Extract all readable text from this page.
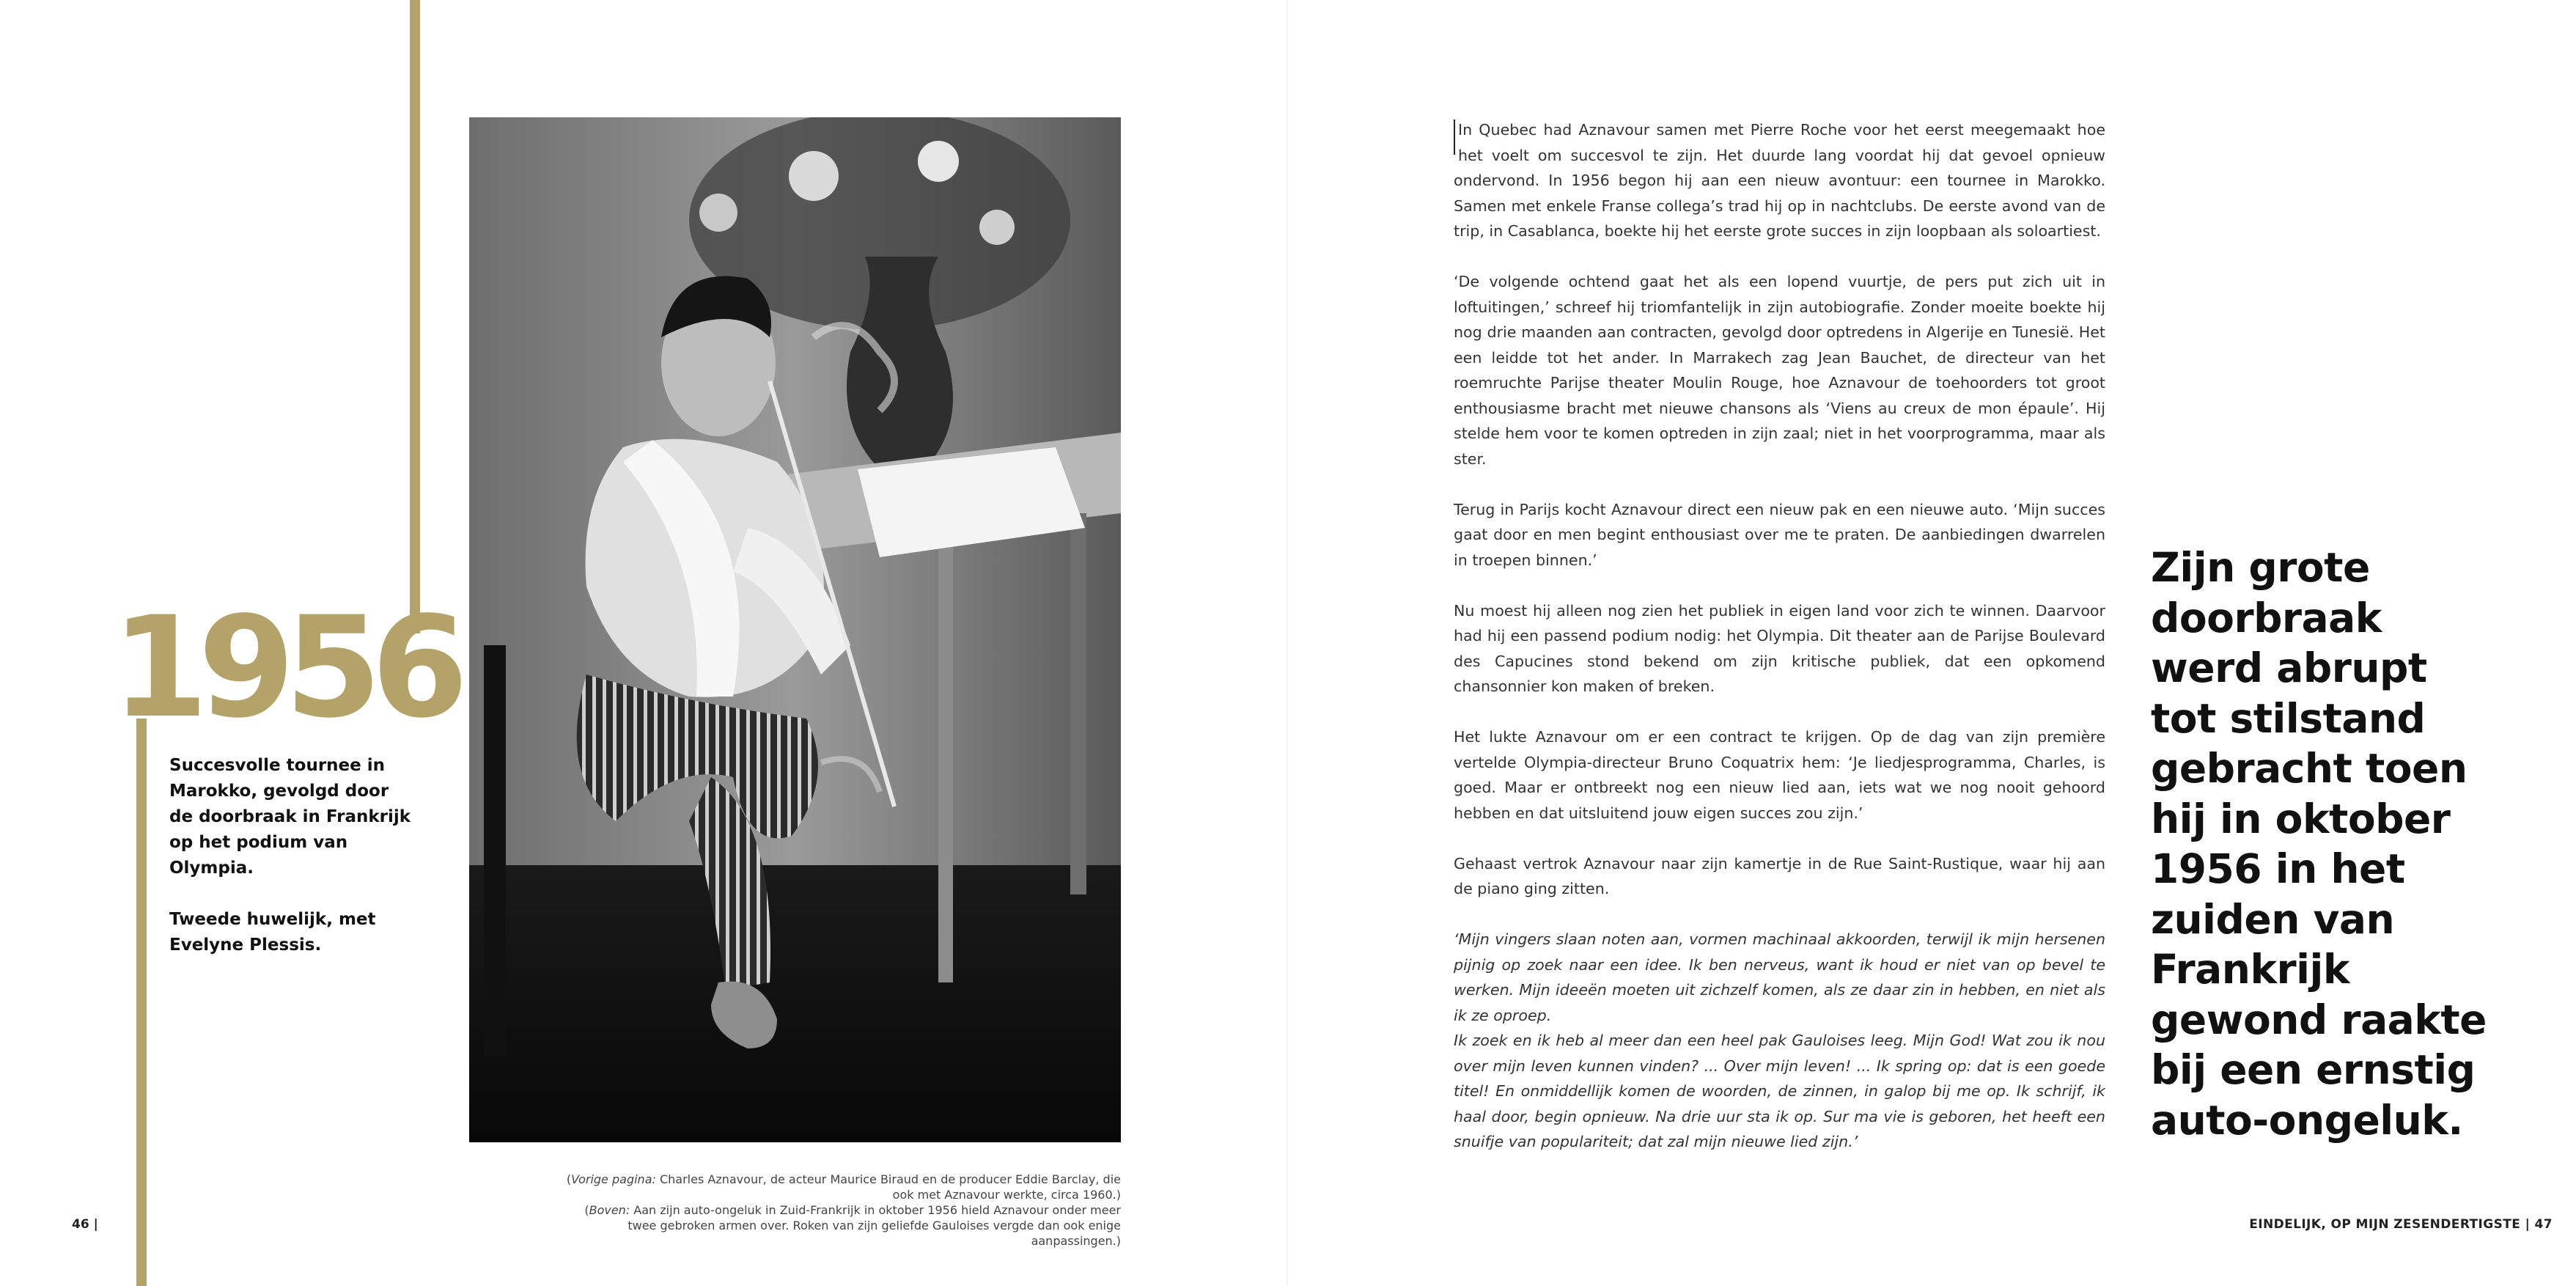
1956

Succesvolle tournee in Marokko, gevolgd door de doorbraak in Frankrijk op het podium van Olympia.

Tweede huwelijk, met Evelyne Plessis.

(Vorige pagina: Charles Aznavour, de acteur Maurice Biraud en de producer Eddie Barclay, die ook met Aznavour werkte, circa 1960.)

(Boven: Aan zijn auto-ongeluk in Zuid-Frankrijk in oktober 1956 hield Aznavour onder meer twee gebroken armen over. Roken van zijn geliefde Gauloises vergde dan ook enige aanpassingen.)

46 |

In Quebec had Aznavour samen met Pierre Roche voor het eerst meegemaakt hoe het voelt om succesvol te zijn. Het duurde lang voordat hij dat gevoel opnieuw ondervond. In 1956 begon hij aan een nieuw avontuur: een tournee in Marokko. Samen met enkele Franse collega’s trad hij op in nachtclubs. De eerste avond van de trip, in Casablanca, boekte hij het eerste grote succes in zijn loopbaan als soloartiest.

‘De volgende ochtend gaat het als een lopend vuurtje, de pers put zich uit in loftuitingen,’ schreef hij triomfantelijk in zijn autobiografie. Zonder moeite boekte hij nog drie maanden aan contracten, gevolgd door optredens in Algerije en Tunesië. Het een leidde tot het ander. In Marrakech zag Jean Bauchet, de directeur van het roemruchte Parijse theater Moulin Rouge, hoe Aznavour de toehoorders tot groot enthousiasme bracht met nieuwe chansons als ‘Viens au creux de mon épaule’. Hij stelde hem voor te komen optreden in zijn zaal; niet in het voorprogramma, maar als ster.

Terug in Parijs kocht Aznavour direct een nieuw pak en een nieuwe auto. ‘Mijn succes gaat door en men begint enthousiast over me te praten. De aanbiedingen dwarrelen in troepen binnen.’

Nu moest hij alleen nog zien het publiek in eigen land voor zich te winnen. Daarvoor had hij een passend podium nodig: het Olympia. Dit theater aan de Parijse Boulevard des Capucines stond bekend om zijn kritische publiek, dat een opkomend chansonnier kon maken of breken.

Het lukte Aznavour om er een contract te krijgen. Op de dag van zijn première vertelde Olympia-directeur Bruno Coquatrix hem: ‘Je liedjesprogramma, Charles, is goed. Maar er ontbreekt nog een nieuw lied aan, iets wat we nog nooit gehoord hebben en dat uitsluitend jouw eigen succes zou zijn.’

Gehaast vertrok Aznavour naar zijn kamertje in de Rue Saint-Rustique, waar hij aan de piano ging zitten.

‘Mijn vingers slaan noten aan, vormen machinaal akkoorden, terwijl ik mijn hersenen pijnig op zoek naar een idee. Ik ben nerveus, want ik houd er niet van op bevel te werken. Mijn ideeën moeten uit zichzelf komen, als ze daar zin in hebben, en niet als ik ze oproep.

Ik zoek en ik heb al meer dan een heel pak Gauloises leeg. Mijn God! Wat zou ik nou over mijn leven kunnen vinden? ... Over mijn leven! ... Ik spring op: dat is een goede titel! En onmiddellijk komen de woorden, de zinnen, in galop bij me op. Ik schrijf, ik haal door, begin opnieuw. Na drie uur sta ik op. Sur ma vie is geboren, het heeft een snuifje van populariteit; dat zal mijn nieuwe lied zijn.’

Zijn grote doorbraak werd abrupt tot stilstand gebracht toen hij in oktober 1956 in het zuiden van Frankrijk gewond raakte bij een ernstig auto-ongeluk.
EINDELIJK, OP MIJN ZESENDERTIGSTE | 47
